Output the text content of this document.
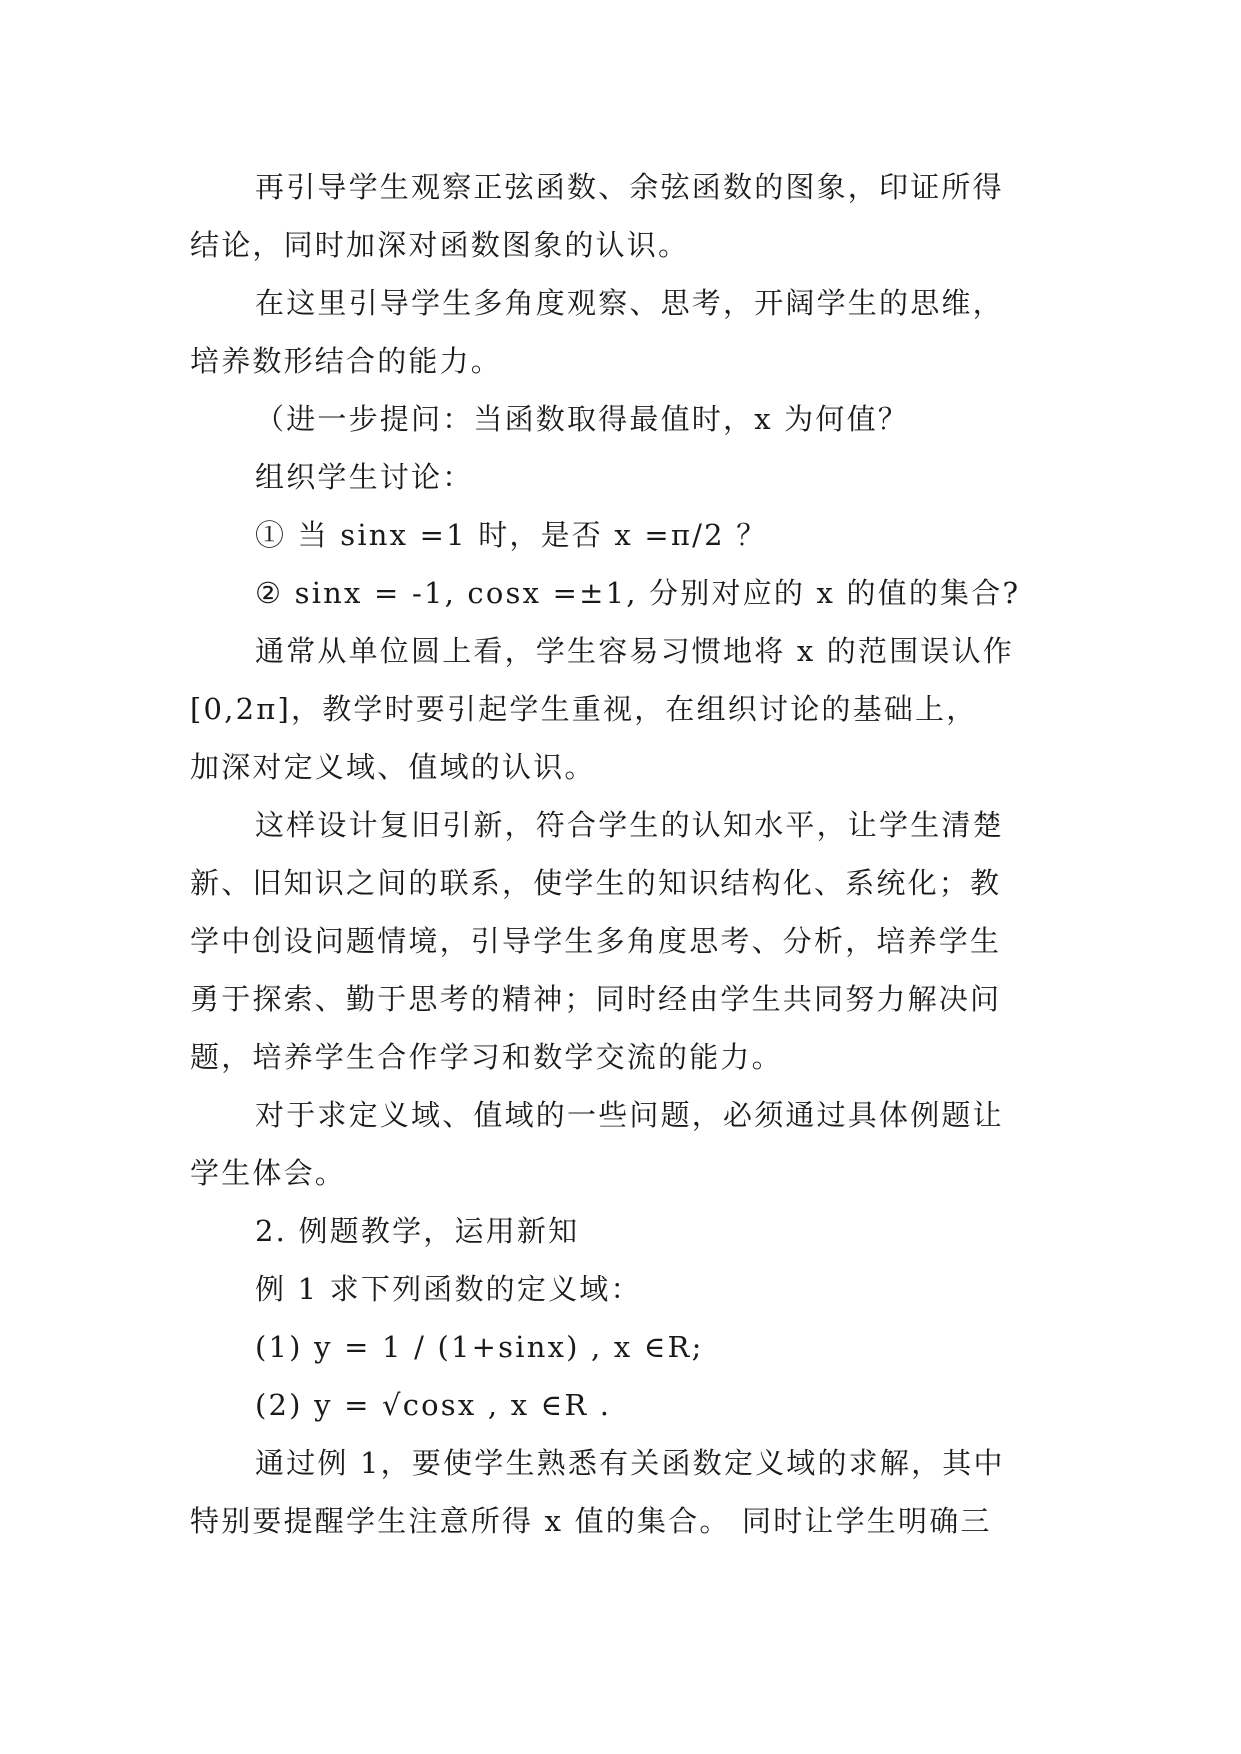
再引导学生观察正弦函数、余弦函数的图象，印证所得
结论，同时加深对函数图象的认识。
在这里引导学生多角度观察、思考，开阔学生的思维，
培养数形结合的能力。
（进一步提问：当函数取得最值时，x 为何值？
组织学生讨论：
① 当 sinx =1 时，是否 x =π/2 ？
② sinx = -1, cosx =±1, 分别对应的 x 的值的集合?
通常从单位圆上看，学生容易习惯地将 x 的范围误认作
[0,2π]，教学时要引起学生重视，在组织讨论的基础上，
加深对定义域、值域的认识。
这样设计复旧引新，符合学生的认知水平，让学生清楚
新、旧知识之间的联系，使学生的知识结构化、系统化；教
学中创设问题情境，引导学生多角度思考、分析，培养学生
勇于探索、勤于思考的精神；同时经由学生共同努力解决问
题，培养学生合作学习和数学交流的能力。
对于求定义域、值域的一些问题，必须通过具体例题让
学生体会。
2. 例题教学，运用新知
例 1 求下列函数的定义域：
(1) y = 1 / (1+sinx) , x ∈R;
(2) y = √cosx , x ∈R .
通过例 1，要使学生熟悉有关函数定义域的求解，其中
特别要提醒学生注意所得 x 值的集合。 同时让学生明确三
